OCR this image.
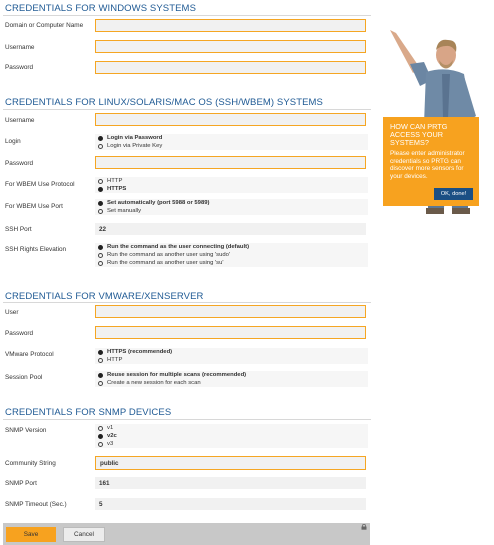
CREDENTIALS FOR WINDOWS SYSTEMS
Domain or Computer Name
Username
Password
CREDENTIALS FOR LINUX/SOLARIS/MAC OS (SSH/WBEM) SYSTEMS
Username
Login	Login via Password
Login via Private Key
Password
For WBEM Use Protocol	HTTP
HTTPS
For WBEM Use Port	Set automatically (port 5988 or 5989)
Set manually
SSH Port	22
SSH Rights Elevation	Run the command as the user connecting (default)
Run the command as another user using 'sudo'
Run the command as another user using 'su'
CREDENTIALS FOR VMWARE/XENSERVER
User
Password
VMware Protocol	HTTPS (recommended)
HTTP
Session Pool	Reuse session for multiple scans (recommended)
Create a new session for each scan
CREDENTIALS FOR SNMP DEVICES
SNMP Version	v1
v2c
v3
Community String	public
SNMP Port	161
SNMP Timeout (Sec.)	5
Save	Cancel
HOW CAN PRTG ACCESS YOUR SYSTEMS?
Please enter administrator credentials so PRTG can discover more sensors for your devices.
OK, done!
